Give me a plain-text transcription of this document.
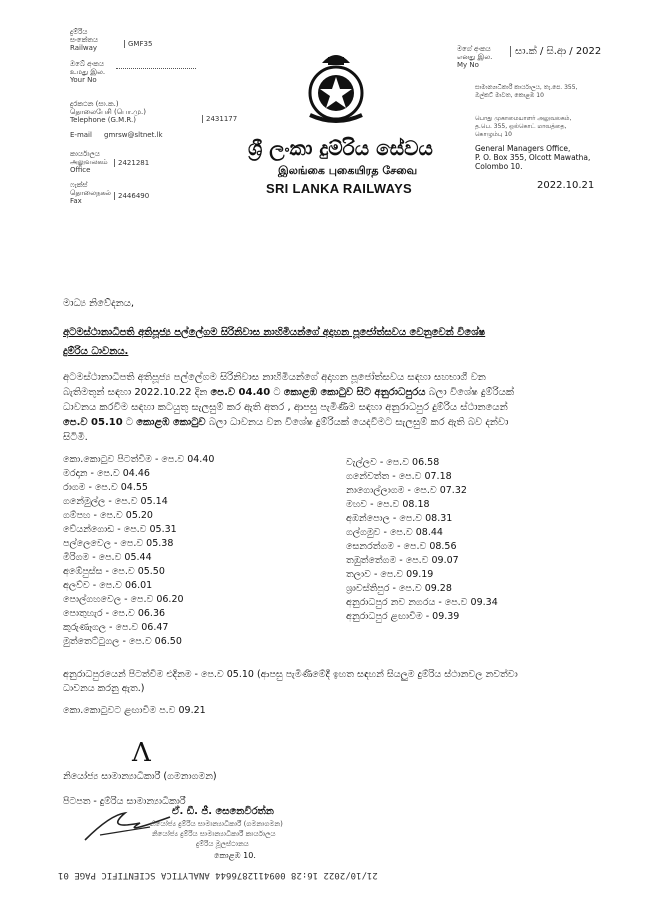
දුම්රිය
සංකේතය
Railway	GMF35
ඔබේ අංකය
உமது இல.
Your No
දුරකථන (සා.ක.)
தொலைபேசி (பொ.மு.)
Telephone (G.M.R.)	2431177
E-mail gmrsw@sltnet.lk
කාර්යාලය
அலுவலகம்
Office
2421281
ෆැක්ස්
தொலைநகல்
Fax
2446490
මගේ අංකය
எனது இல.
My No
සා.ක් / සි.ආ / 2022
සාමාන්‍යාධිකාරී කාර්යාලය, තැ.පෙ. 355, ඔල්කට් මාවත, කොළඹ 10
பொது முகாமையாளர் அலுவலகம், த.பெ. 355, ஒல்கொட் மாவத்தை, கொழும்பு 10
General Managers Office,
P. O. Box 355, Olcott Mawatha,
Colombo 10.
2022.10.21
ශ්‍රී ලංකා දුම්රිය සේවය
இலங்கை புகையிரத சேவை
SRI LANKA RAILWAYS
මාධ්‍ය නිවේදනය,
අටමස්ථානාධිපති අතිපූජ්‍ය පල්ලේගම සිරිනිවාස නාහිමියන්ගේ අදාහන පූජෝත්සවය වෙනුවෙන් විශේෂ
දුම්රිය ධාවනය.
අටමස්ථානාධිපති අතිපූජ්‍ය පල්ලේගම සිරිනිවාස නාහිමියන්ගේ අදාහන පූජෝත්සවය සඳහා සහභාගී වන
බැතිමතුන් සඳහා 2022.10.22 දින පෙ.ව 04.40 ට කොළඹ කොටුව සිට අනුරාධපුරය බලා විශේෂ දුම්රියක්
ධාවනය කරවීම සඳහා කටයුතු සැලසුම් කර ඇති අතර , ආපසු පැමිණීම සඳහා අනුරාධපුර දුම්රිය ස්ථානයෙන්
පෙ.ව 05.10 ට කොළඹ කොටුව බලා ධාවනය වන විශේෂ දුම්රියක් යෙදවීමට සැලසුම් කර ඇති බව දන්වා
සිටිමි.
කො.කොටුව පිටත්වීම - පෙ.ව 04.40
මරදාන - පෙ.ව 04.46
රාගම - පෙ.ව 04.55
ගනේමුල්ල - පෙ.ව 05.14
ගම්පහ - පෙ.ව 05.20
වේයන්ගොඩ - පෙ.ව 05.31
පල්ලෙවෙල - පෙ.ව 05.38
මීරිගම - පෙ.ව 05.44
අඹේපුස්ස - පෙ.ව 05.50
අලව්ව - පෙ.ව 06.01
පොල්ගහවෙල - පෙ.ව 06.20
පොතුහැර - පෙ.ව 06.36
කුරුණෑගල - පෙ.ව 06.47
මුත්තෙට්ටුගල - පෙ.ව 06.50
වැල්ලව - පෙ.ව 06.58
ගනේවත්ත - පෙ.ව 07.18
නාගොල්ලාගම - පෙ.ව 07.32
මහව - පෙ.ව 08.18
අඹන්පොල - පෙ.ව 08.31
ගල්ගමුව - පෙ.ව 08.44
සෙනරත්ගම - පෙ.ව 08.56
තඹුත්තේගම - පෙ.ව 09.07
තලාව - පෙ.ව 09.19
ශ්‍රාවස්තිපුර - පෙ.ව 09.28
අනුරාධපුර නව නගරය - පෙ.ව 09.34
අනුරාධපුර ළඟාවීම - 09.39
අනුරාධපුරයෙන් පිටත්වීම එදිනම - පෙ.ව 05.10 (ආපසු පැමිණීමේදී ඉහත සඳහන් සියලුම දුම්රිය ස්ථානවල නවත්වා
ධාවනය කරනු ඇත.)
කො.කොටුවට ළඟාවීම ප.ව 09.21
Λ
නියෝජ්‍ය සාමාන්‍යාධිකාරී (ගමනාගමන)
පිටපත - දුම්රිය සාමාන්‍යාධිකාරී
ඒ. ඩී. ජී. සෙනෙවිරත්න
නියෝජ්‍ය දුම්රිය සාමාන්‍යාධිකාරී (ගමනාගමන)
නියෝජ්‍ය දුම්රිය සාමාන්‍යාධිකාරී කාර්යාලය
දුම්රිය මූලස්ථානය
කොළඹ 10.
21/10/2022 16:28 0094112876644 ANALYTICA SCIENTIFIC PAGE 01
